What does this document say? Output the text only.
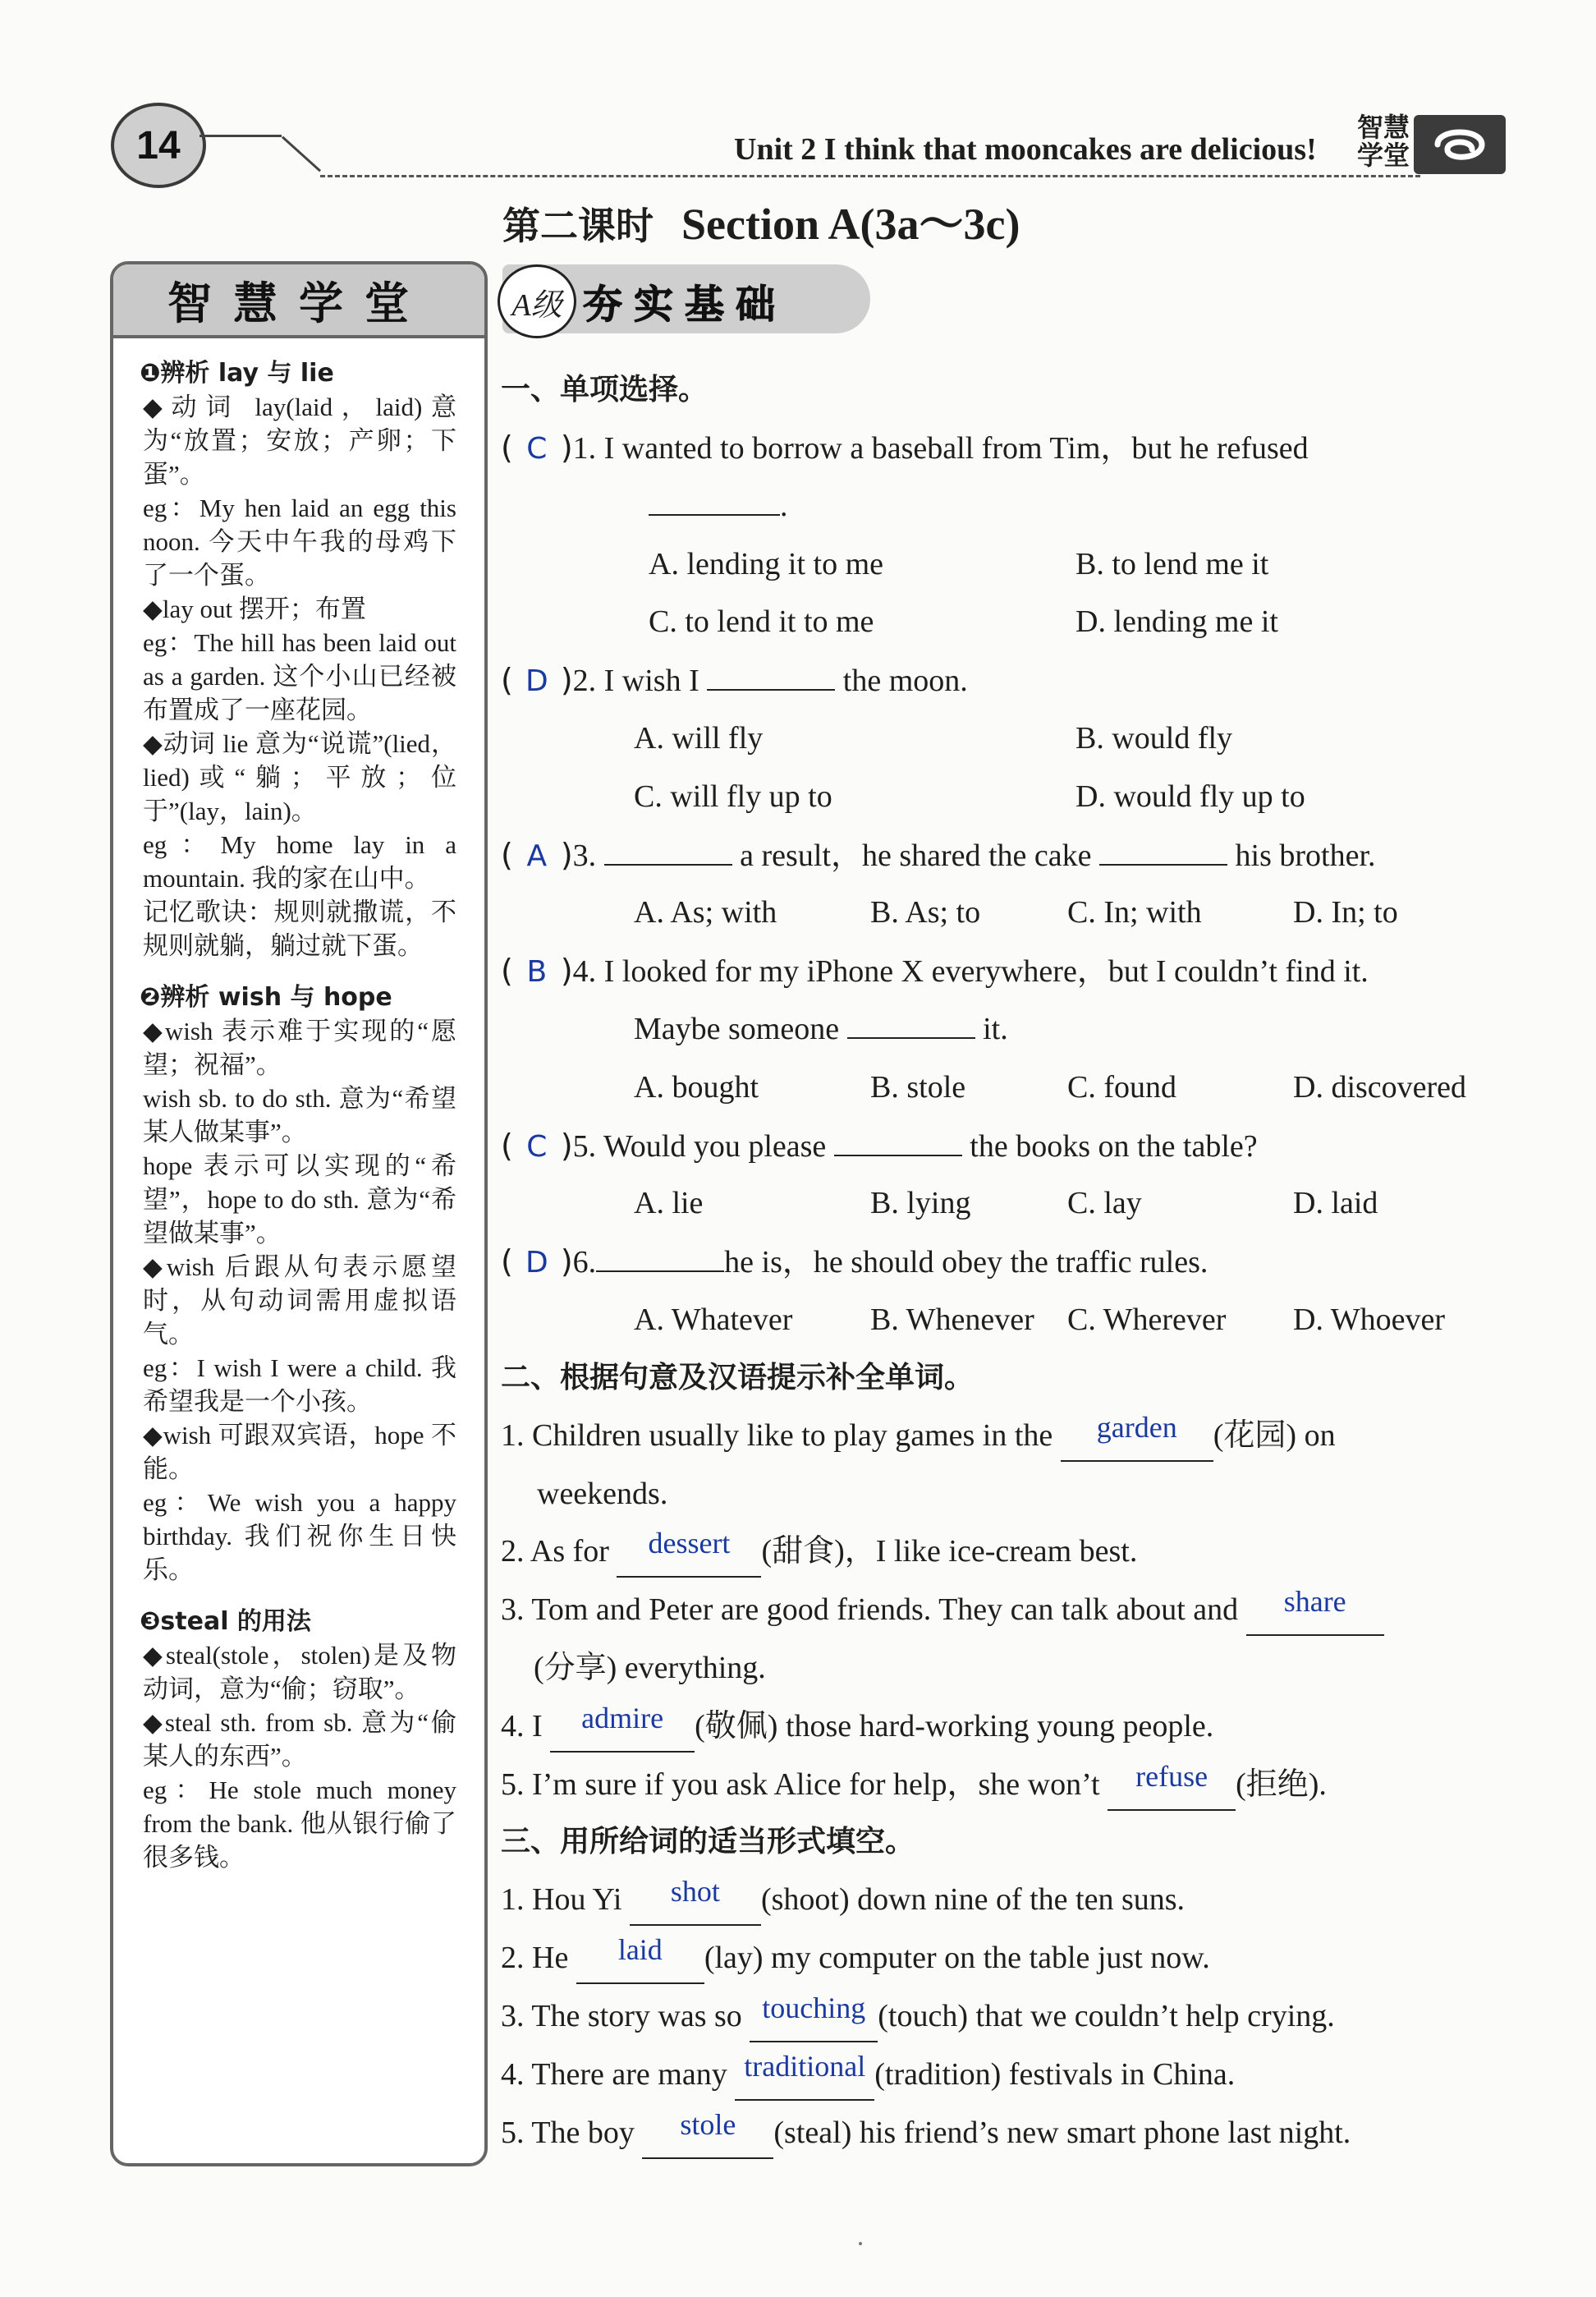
14	Unit 2 I think that mooncakes are delicious!
智慧学堂
第二课时 Section A(3a～3c)
A级 夯实基础
智慧学堂

❶辨析 lay 与 lie

◆动词 lay(laid，laid)意为“放置；安放；产卵；下蛋”。

eg：My hen laid an egg this noon. 今天中午我的母鸡下了一个蛋。

◆lay out 摆开；布置

eg：The hill has been laid out as a garden. 这个小山已经被布置成了一座花园。

◆动词 lie 意为“说谎”(lied，lied)或“躺；平放；位于”(lay，lain)。

eg：My home lay in a mountain. 我的家在山中。

记忆歌诀：规则就撒谎，不规则就躺，躺过就下蛋。

❷辨析 wish 与 hope

◆wish 表示难于实现的“愿望；祝福”。

wish sb. to do sth. 意为“希望某人做某事”。

hope 表示可以实现的“希望”，hope to do sth. 意为“希望做某事”。

◆wish 后跟从句表示愿望时，从句动词需用虚拟语气。

eg：I wish I were a child. 我希望我是一个小孩。

◆wish 可跟双宾语，hope 不能。

eg：We wish you a happy birthday. 我们祝你生日快乐。

❸steal 的用法

◆steal(stole，stolen)是及物动词，意为“偷；窃取”。

◆steal sth. from sb. 意为“偷某人的东西”。

eg：He stole much money from the bank. 他从银行偷了很多钱。

一、单项选择。
( C )1. I wanted to borrow a baseball from Tim，but he refused
.
A. lending it to me	B. to lend me it
C. to lend it to me	D. lending me it
( D )2. I wish I	the moon.
A. will fly	B. would fly
C. will fly up to	D. would fly up to
( A )3.	a result，he shared the cake	his brother.
A. As; with	B. As; to	C. In; with	D. In; to
( B )4. I looked for my iPhone X everywhere，but I couldn’t find it.
Maybe someone	it.
A. bought	B. stole	C. found	D. discovered
( C )5. Would you please	the books on the table?
A. lie	B. lying	C. lay	D. laid
( D )6.	he is，he should obey the traffic rules.
A. Whatever B. Whenever C. Wherever D. Whoever
二、根据句意及汉语提示补全单词。
1. Children usually like to play games in the garden (花园) on
weekends.
2. As for dessert (甜食)，I like ice-cream best.
3. Tom and Peter are good friends. They can talk about and share
(分享) everything.
4. I admire (敬佩) those hard-working young people.
5. I’m sure if you ask Alice for help，she won’t refuse (拒绝).
三、用所给词的适当形式填空。
1. Hou Yi shot (shoot) down nine of the ten suns.
2. He laid (lay) my computer on the table just now.
3. The story was so touching (touch) that we couldn’t help crying.
4. There are many traditional (tradition) festivals in China.
5. The boy stole (steal) his friend’s new smart phone last night.
